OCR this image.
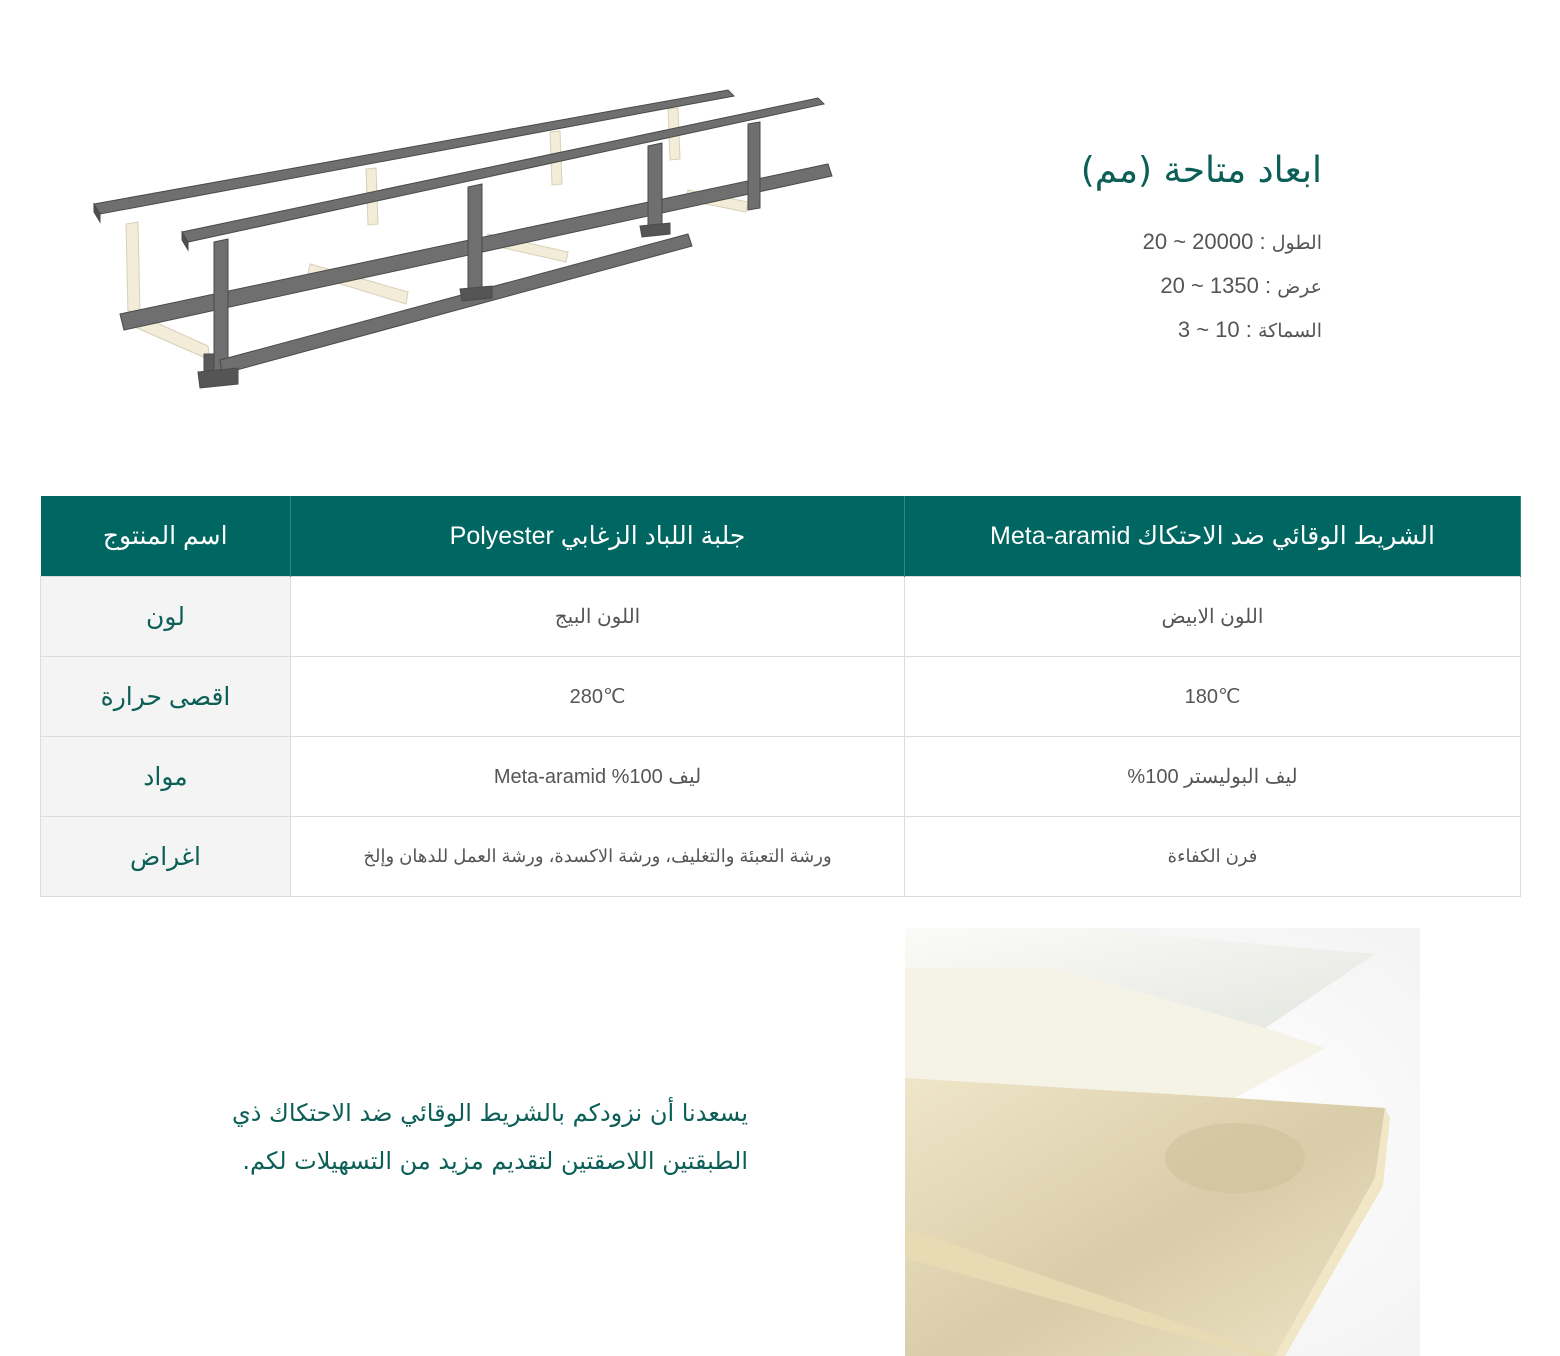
ابعاد متاحة (مم)
الطول : 20 ~ 20000
عرض : 20 ~ 1350
السماكة : 3 ~ 10
اسم المنتوج	جلبة اللباد الزغابي Polyester	الشريط الوقائي ضد الاحتكاك Meta-aramid
لون	اللون البيج	اللون الابيض
اقصى حرارة	280℃	180℃
مواد	ليف 100% Meta-aramid	ليف البوليستر 100%
اغراض	ورشة التعبئة والتغليف، ورشة الاكسدة، ورشة العمل للدهان وإلخ	فرن الكفاءة

يسعدنا أن نزودكم بالشريط الوقائي ضد الاحتكاك ذي الطبقتين اللاصقتين لتقديم مزيد من التسهيلات لكم.
